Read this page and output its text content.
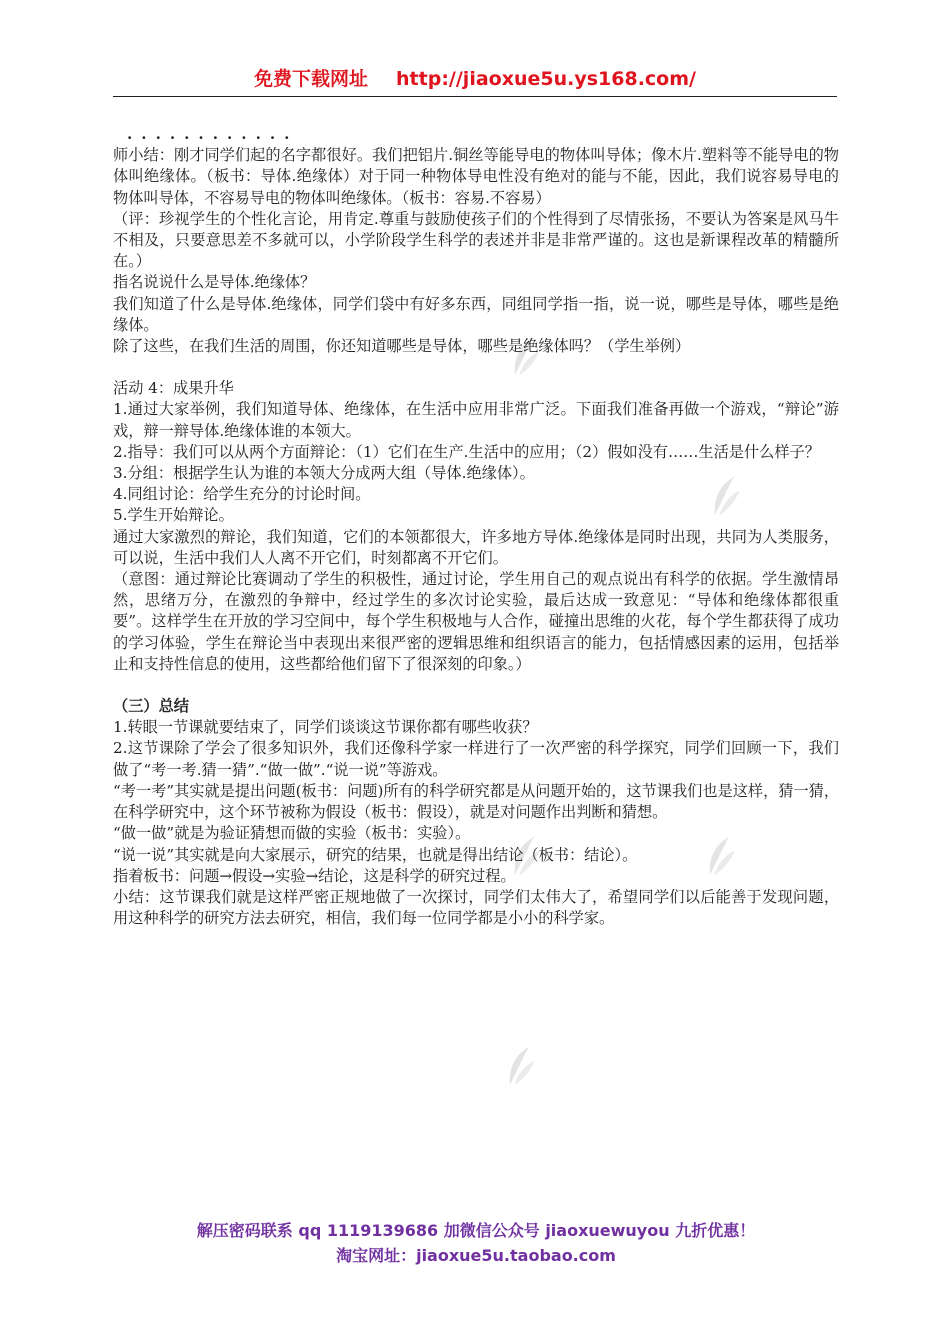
免费下载网址 http://jiaoxue5u.ys168.com/
............
师小结：刚才同学们起的名字都很好。我们把铝片.铜丝等能导电的物体叫导体；像木片.塑料等不能导电的物体叫绝缘体。（板书：导体.绝缘体）对于同一种物体导电性没有绝对的能与不能，因此，我们说容易导电的物体叫导体，不容易导电的物体叫绝缘体。（板书：容易.不容易）
（评：珍视学生的个性化言论，用肯定.尊重与鼓励使孩子们的个性得到了尽情张扬，不要认为答案是风马牛不相及，只要意思差不多就可以，小学阶段学生科学的表述并非是非常严谨的。这也是新课程改革的精髓所在。）
指名说说什么是导体.绝缘体？
我们知道了什么是导体.绝缘体，同学们袋中有好多东西，同组同学指一指，说一说，哪些是导体，哪些是绝缘体。
除了这些，在我们生活的周围，你还知道哪些是导体，哪些是绝缘体吗？（学生举例）
活动 4：成果升华
1.通过大家举例，我们知道导体、绝缘体，在生活中应用非常广泛。下面我们准备再做一个游戏，“辩论”游戏，辩一辩导体.绝缘体谁的本领大。
2.指导：我们可以从两个方面辩论：（1）它们在生产.生活中的应用；（2）假如没有……生活是什么样子？
3.分组：根据学生认为谁的本领大分成两大组（导体.绝缘体）。
4.同组讨论：给学生充分的讨论时间。
5.学生开始辩论。
通过大家激烈的辩论，我们知道，它们的本领都很大，许多地方导体.绝缘体是同时出现，共同为人类服务，可以说，生活中我们人人离不开它们，时刻都离不开它们。
（意图：通过辩论比赛调动了学生的积极性，通过讨论，学生用自己的观点说出有科学的依据。学生激情昂然，思绪万分，在激烈的争辩中，经过学生的多次讨论实验，最后达成一致意见：“导体和绝缘体都很重要”。这样学生在开放的学习空间中，每个学生积极地与人合作，碰撞出思维的火花，每个学生都获得了成功的学习体验，学生在辩论当中表现出来很严密的逻辑思维和组织语言的能力，包括情感因素的运用，包括举止和支持性信息的使用，这些都给他们留下了很深刻的印象。）
（三）总结
1.转眼一节课就要结束了，同学们谈谈这节课你都有哪些收获？
2.这节课除了学会了很多知识外，我们还像科学家一样进行了一次严密的科学探究，同学们回顾一下，我们做了“考一考.猜一猜”.“做一做”.“说一说”等游戏。
“考一考”其实就是提出问题(板书：问题)所有的科学研究都是从问题开始的，这节课我们也是这样，猜一猜，在科学研究中，这个环节被称为假设（板书：假设），就是对问题作出判断和猜想。
“做一做”就是为验证猜想而做的实验（板书：实验）。
“说一说”其实就是向大家展示，研究的结果，也就是得出结论（板书：结论）。
指着板书：问题→假设→实验→结论，这是科学的研究过程。
小结：这节课我们就是这样严密正规地做了一次探讨，同学们太伟大了，希望同学们以后能善于发现问题，用这种科学的研究方法去研究，相信，我们每一位同学都是小小的科学家。
解压密码联系 qq 1119139686 加微信公众号 jiaoxuewuyou 九折优惠！
淘宝网址：jiaoxue5u.taobao.com
